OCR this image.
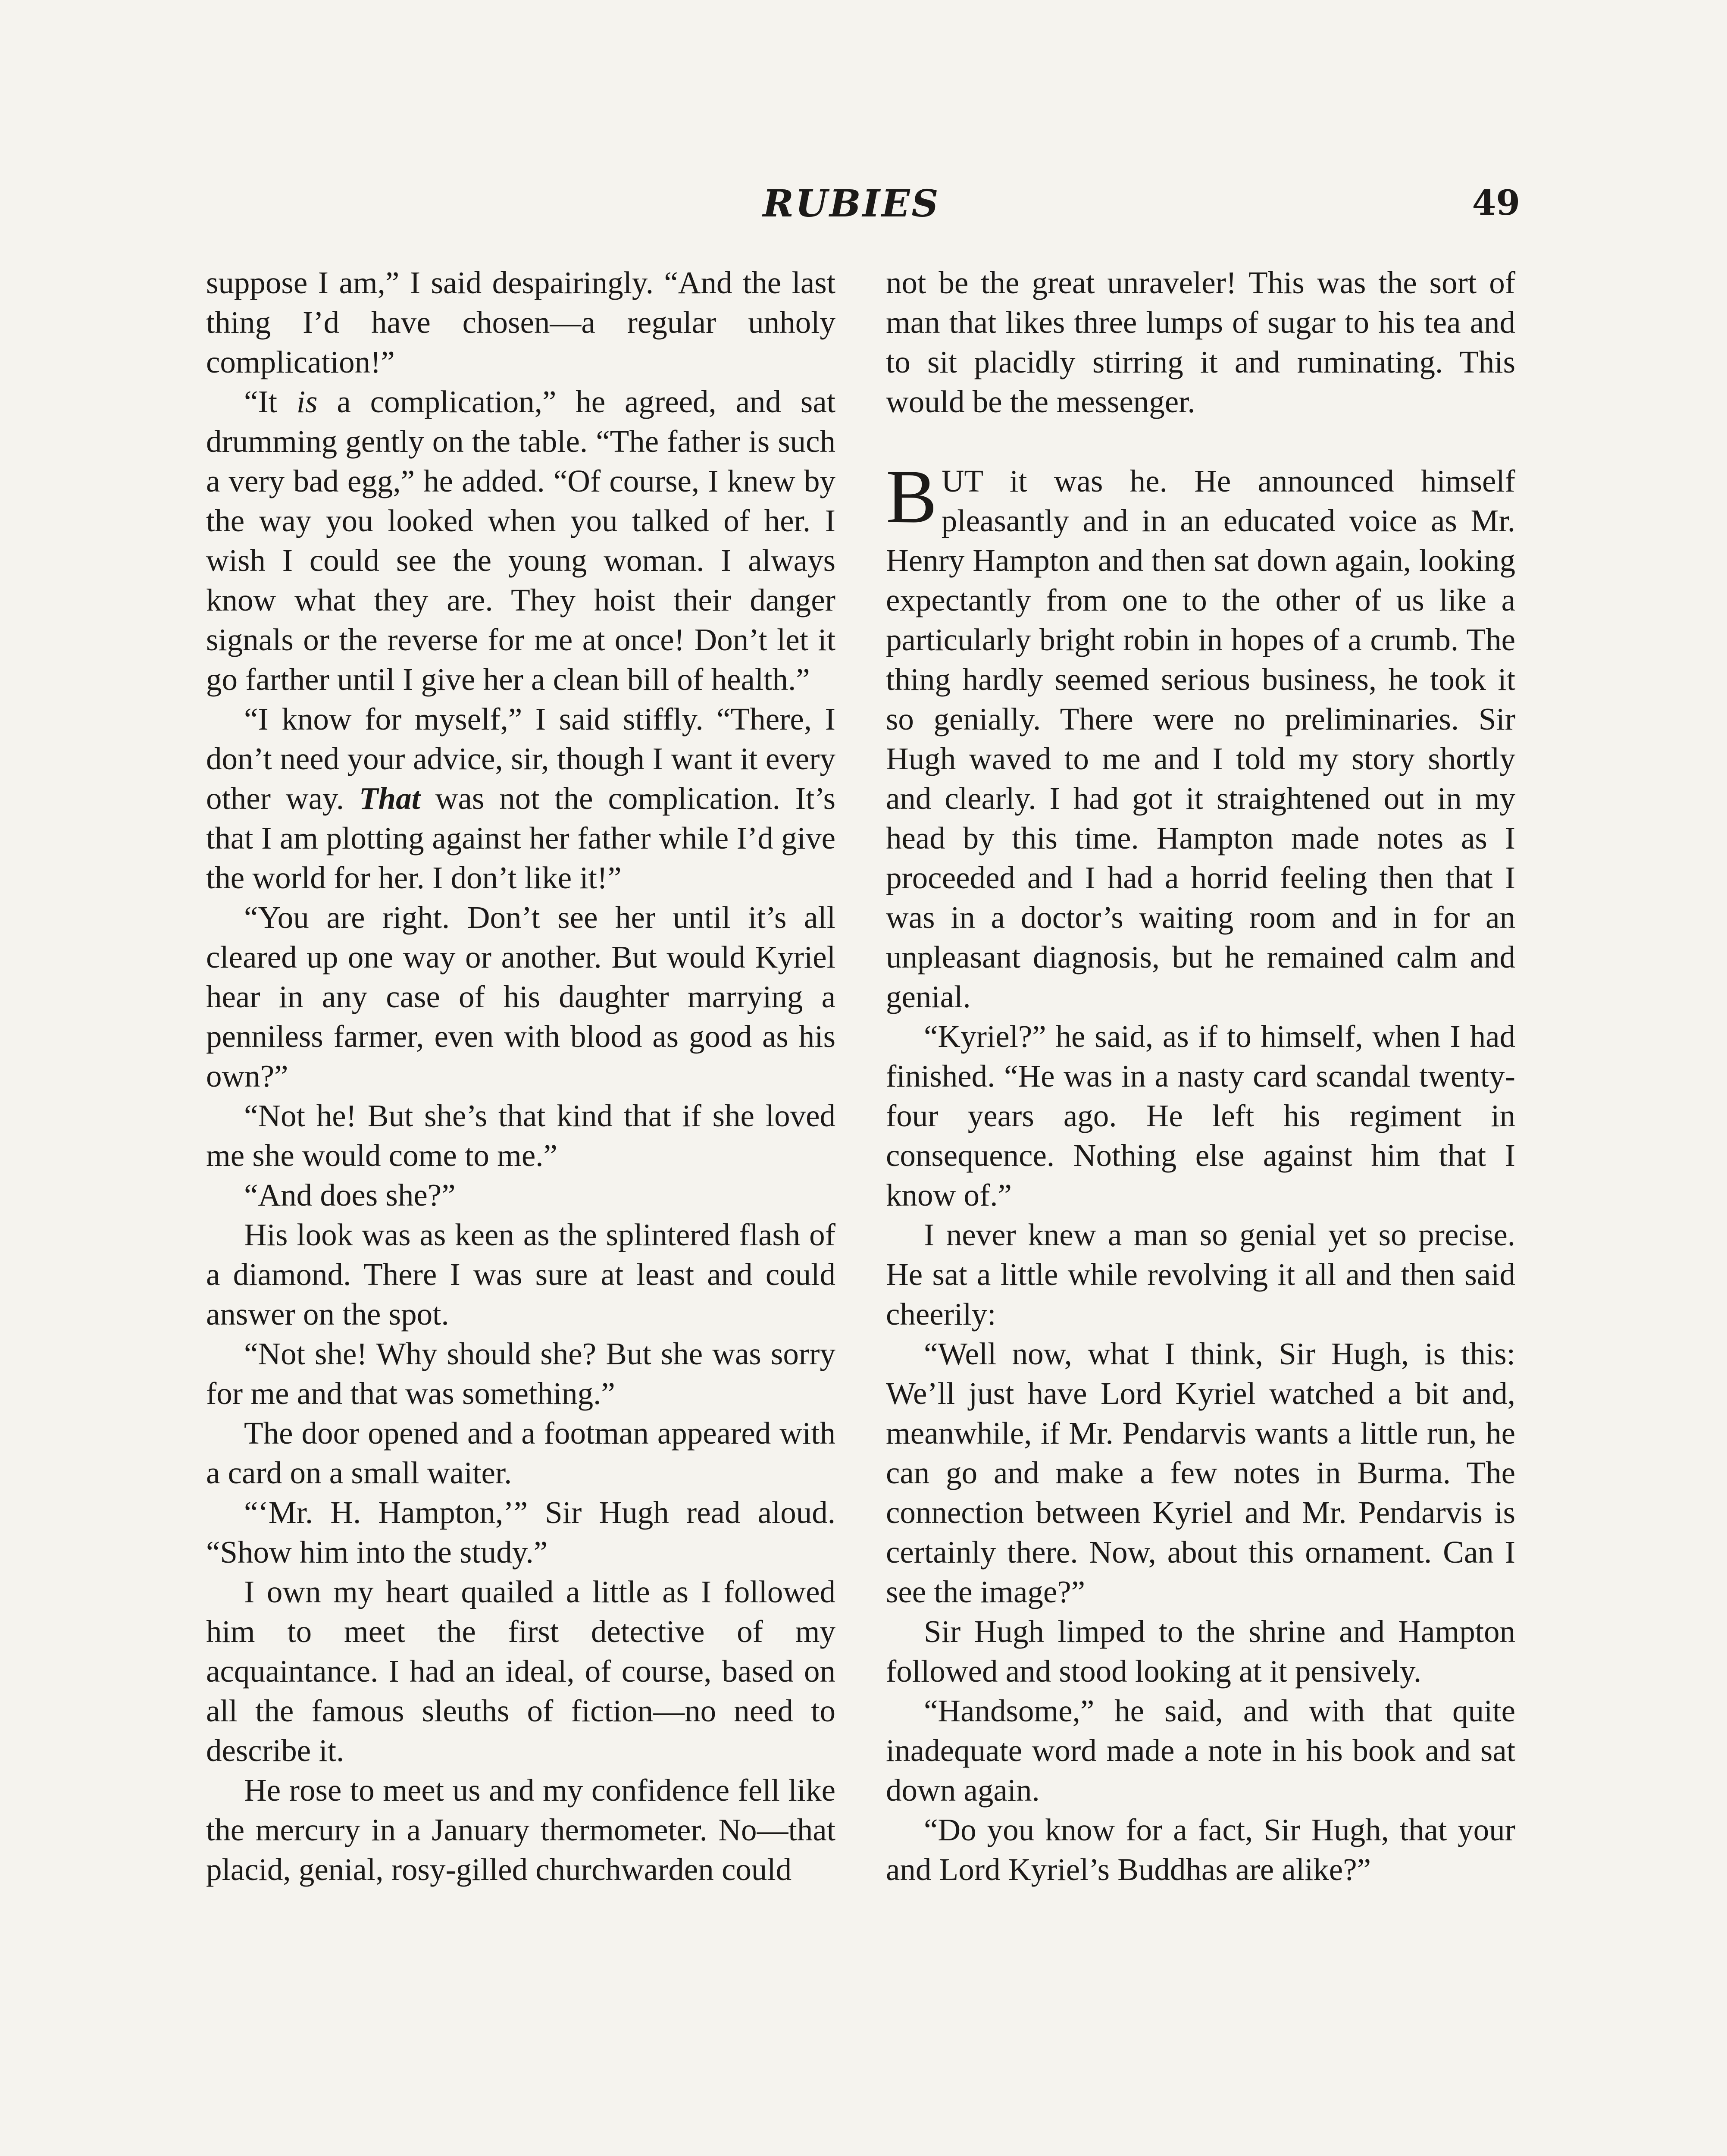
RUBIES	49

suppose I am,” I said despairingly. “And the last thing I’d have chosen—a regular unholy complication!”

“It is a complication,” he agreed, and sat drumming gently on the table. “The father is such a very bad egg,” he added. “Of course, I knew by the way you looked when you talked of her. I wish I could see the young woman. I always know what they are. They hoist their danger signals or the reverse for me at once! Don’t let it go farther until I give her a clean bill of health.”

“I know for myself,” I said stiffly. “There, I don’t need your advice, sir, though I want it every other way. That was not the complication. It’s that I am plotting against her father while I’d give the world for her. I don’t like it!”

“You are right. Don’t see her until it’s all cleared up one way or another. But would Kyriel hear in any case of his daughter marrying a penniless farmer, even with blood as good as his own?”

“Not he! But she’s that kind that if she loved me she would come to me.”

“And does she?”

His look was as keen as the splintered flash of a diamond. There I was sure at least and could answer on the spot.

“Not she! Why should she? But she was sorry for me and that was something.”

The door opened and a footman appeared with a card on a small waiter.

“‘Mr. H. Hampton,’” Sir Hugh read aloud. “Show him into the study.”

I own my heart quailed a little as I followed him to meet the first detective of my acquaintance. I had an ideal, of course, based on all the famous sleuths of fiction—no need to describe it.

He rose to meet us and my confidence fell like the mercury in a January thermometer. No—that placid, genial, rosy-gilled churchwarden could

not be the great unraveler! This was the sort of man that likes three lumps of sugar to his tea and to sit placidly stirring it and ruminating. This would be the messenger.

BUT it was he. He announced himself pleasantly and in an educated voice as Mr. Henry Hampton and then sat down again, looking expectantly from one to the other of us like a particularly bright robin in hopes of a crumb. The thing hardly seemed serious business, he took it so genially. There were no preliminaries. Sir Hugh waved to me and I told my story shortly and clearly. I had got it straightened out in my head by this time. Hampton made notes as I proceeded and I had a horrid feeling then that I was in a doctor’s waiting room and in for an unpleasant diagnosis, but he remained calm and genial.

“Kyriel?” he said, as if to himself, when I had finished. “He was in a nasty card scandal twenty-four years ago. He left his regiment in consequence. Nothing else against him that I know of.”

I never knew a man so genial yet so precise. He sat a little while revolving it all and then said cheerily:

“Well now, what I think, Sir Hugh, is this: We’ll just have Lord Kyriel watched a bit and, meanwhile, if Mr. Pendarvis wants a little run, he can go and make a few notes in Burma. The connection between Kyriel and Mr. Pendarvis is certainly there. Now, about this ornament. Can I see the image?”

Sir Hugh limped to the shrine and Hampton followed and stood looking at it pensively.

“Handsome,” he said, and with that quite inadequate word made a note in his book and sat down again.

“Do you know for a fact, Sir Hugh, that your and Lord Kyriel’s Buddhas are alike?”
